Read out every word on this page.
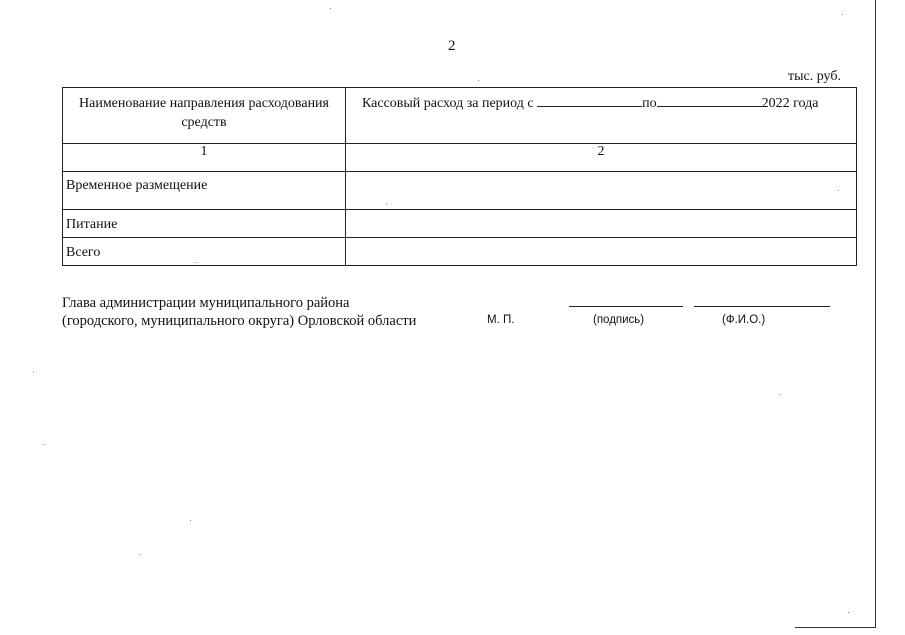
2
тыс. руб.
Наименование направления расходования средств	Кассовый расход за период с по 2022 года
1	2
Временное размещение	
Питание	
Всего	
Глава администрации муниципального района
(городского, муниципального округа) Орловской области	М. П.	(подпись)	(Ф.И.О.)
